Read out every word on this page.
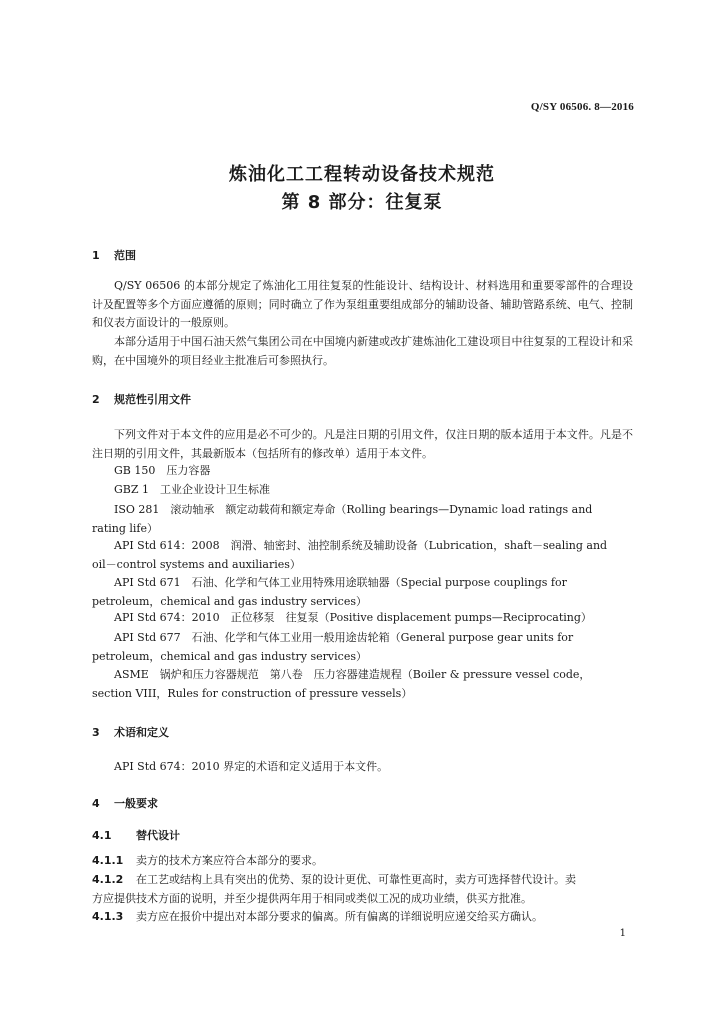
Q/SY 06506. 8—2016
炼油化工工程转动设备技术规范
第 8 部分：往复泵
1 范围

Q/SY 06506 的本部分规定了炼油化工用往复泵的性能设计、结构设计、材料选用和重要零部件的合理设计及配置等多个方面应遵循的原则；同时确立了作为泵组重要组成部分的辅助设备、辅助管路系统、电气、控制和仪表方面设计的一般原则。

本部分适用于中国石油天然气集团公司在中国境内新建或改扩建炼油化工建设项目中往复泵的工程设计和采购，在中国境外的项目经业主批准后可参照执行。

2 规范性引用文件

下列文件对于本文件的应用是必不可少的。凡是注日期的引用文件，仅注日期的版本适用于本文件。凡是不注日期的引用文件，其最新版本（包括所有的修改单）适用于本文件。

GB 150　压力容器

GBZ 1　工业企业设计卫生标准

ISO 281　滚动轴承　额定动载荷和额定寿命（Rolling bearings—Dynamic load ratings and
rating life）

API Std 614：2008　润滑、轴密封、油控制系统及辅助设备（Lubrication，shaft－sealing and
oil－control systems and auxiliaries）

API Std 671　石油、化学和气体工业用特殊用途联轴器（Special purpose couplings for
petroleum，chemical and gas industry services）

API Std 674：2010　正位移泵　往复泵（Positive displacement pumps—Reciprocating）

API Std 677　石油、化学和气体工业用一般用途齿轮箱（General purpose gear units for
petroleum，chemical and gas industry services）

ASME　锅炉和压力容器规范　第八卷　压力容器建造规程（Boiler & pressure vessel code，
section VIII，Rules for construction of pressure vessels）

3 术语和定义

API Std 674：2010 界定的术语和定义适用于本文件。

4 一般要求
4.1 替代设计

4.1.1 卖方的技术方案应符合本部分的要求。

4.1.2 在工艺或结构上具有突出的优势、泵的设计更优、可靠性更高时，卖方可选择替代设计。卖
方应提供技术方面的说明，并至少提供两年用于相同或类似工况的成功业绩，供买方批准。

4.1.3 卖方应在报价中提出对本部分要求的偏离。所有偏离的详细说明应递交给买方确认。

1
